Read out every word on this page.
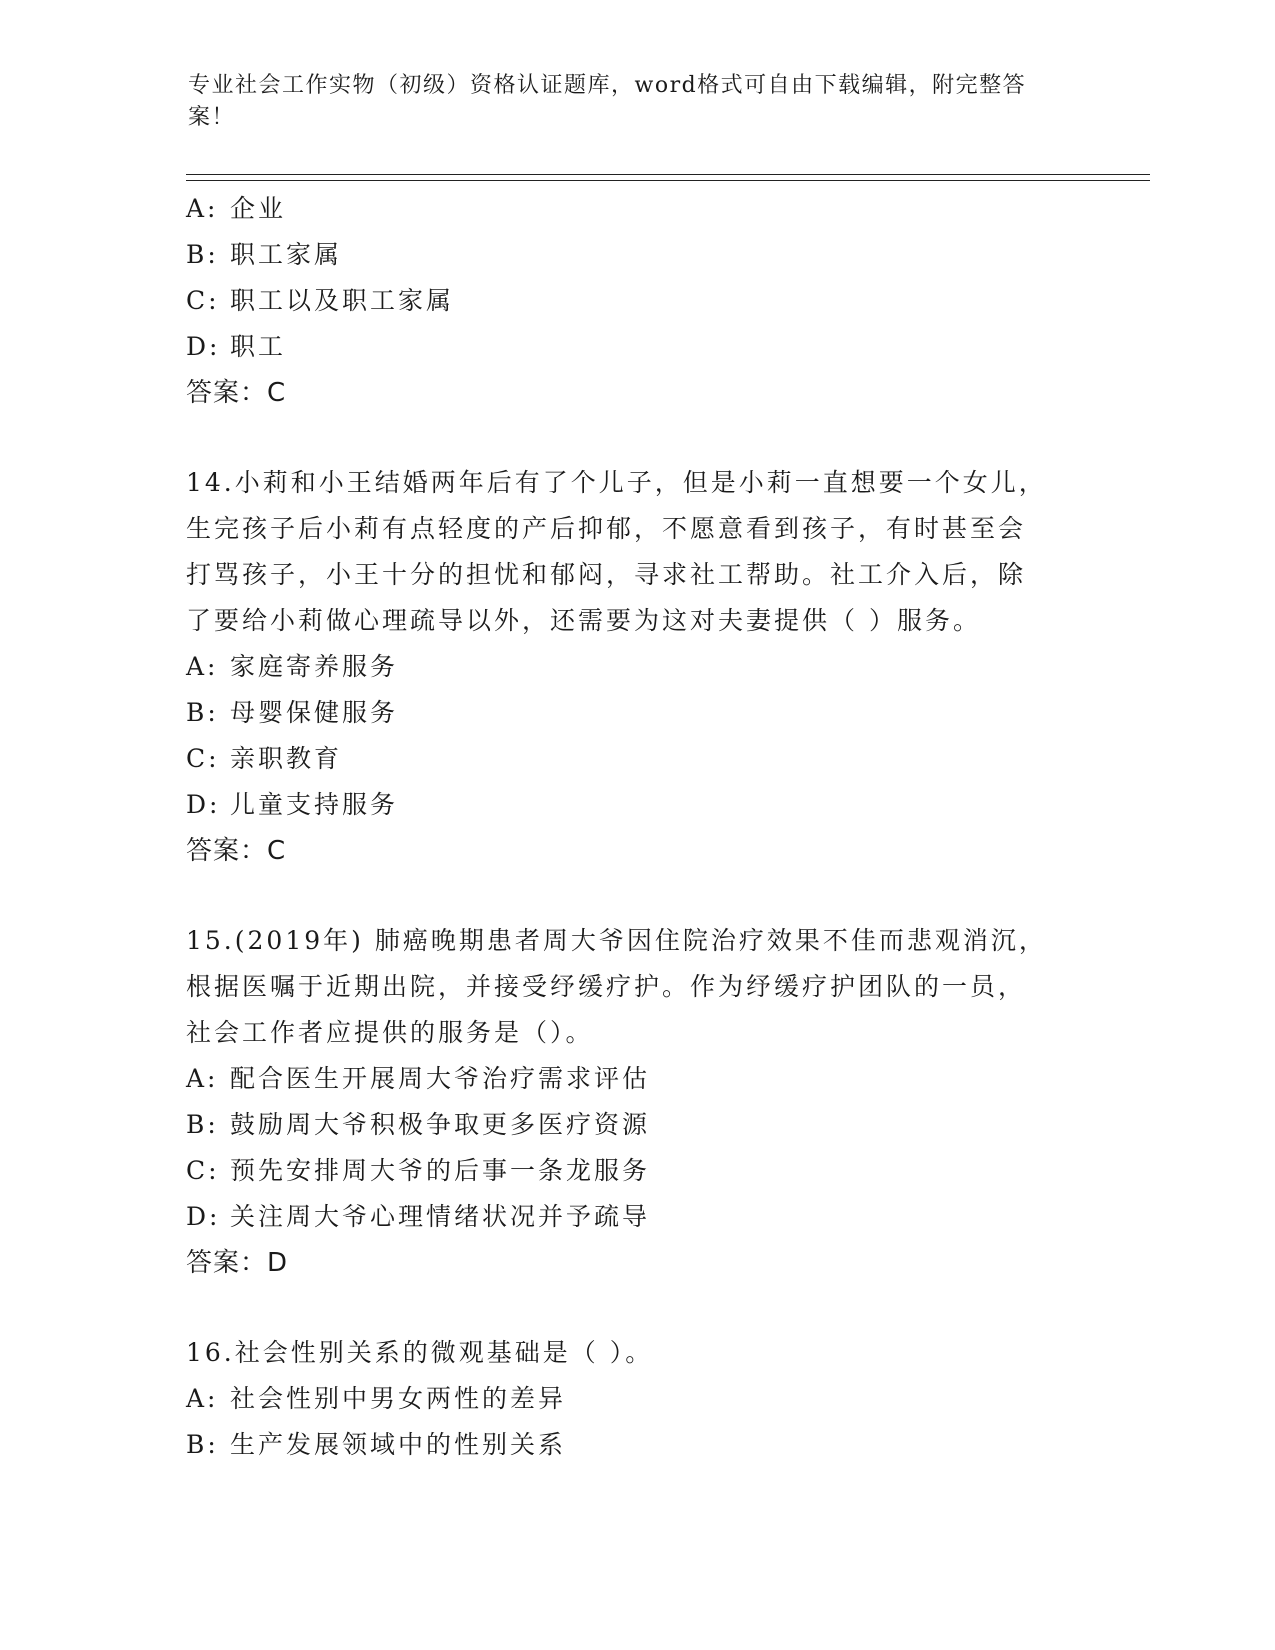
专业社会工作实物（初级）资格认证题库，word格式可自由下载编辑，附完整答案！
A: 企业
B: 职工家属
C: 职工以及职工家属
D: 职工
答案：C
14.小莉和小王结婚两年后有了个儿子，但是小莉一直想要一个女儿，
生完孩子后小莉有点轻度的产后抑郁，不愿意看到孩子，有时甚至会
打骂孩子，小王十分的担忧和郁闷，寻求社工帮助。社工介入后，除
了要给小莉做心理疏导以外，还需要为这对夫妻提供（ ）服务。
A: 家庭寄养服务
B: 母婴保健服务
C: 亲职教育
D: 儿童支持服务
答案：C
15.(2019年) 肺癌晚期患者周大爷因住院治疗效果不佳而悲观消沉，
根据医嘱于近期出院，并接受纾缓疗护。作为纾缓疗护团队的一员，
社会工作者应提供的服务是（）。
A: 配合医生开展周大爷治疗需求评估
B: 鼓励周大爷积极争取更多医疗资源
C: 预先安排周大爷的后事一条龙服务
D: 关注周大爷心理情绪状况并予疏导
答案：D
16.社会性别关系的微观基础是（ ）。
A: 社会性别中男女两性的差异
B: 生产发展领域中的性别关系
